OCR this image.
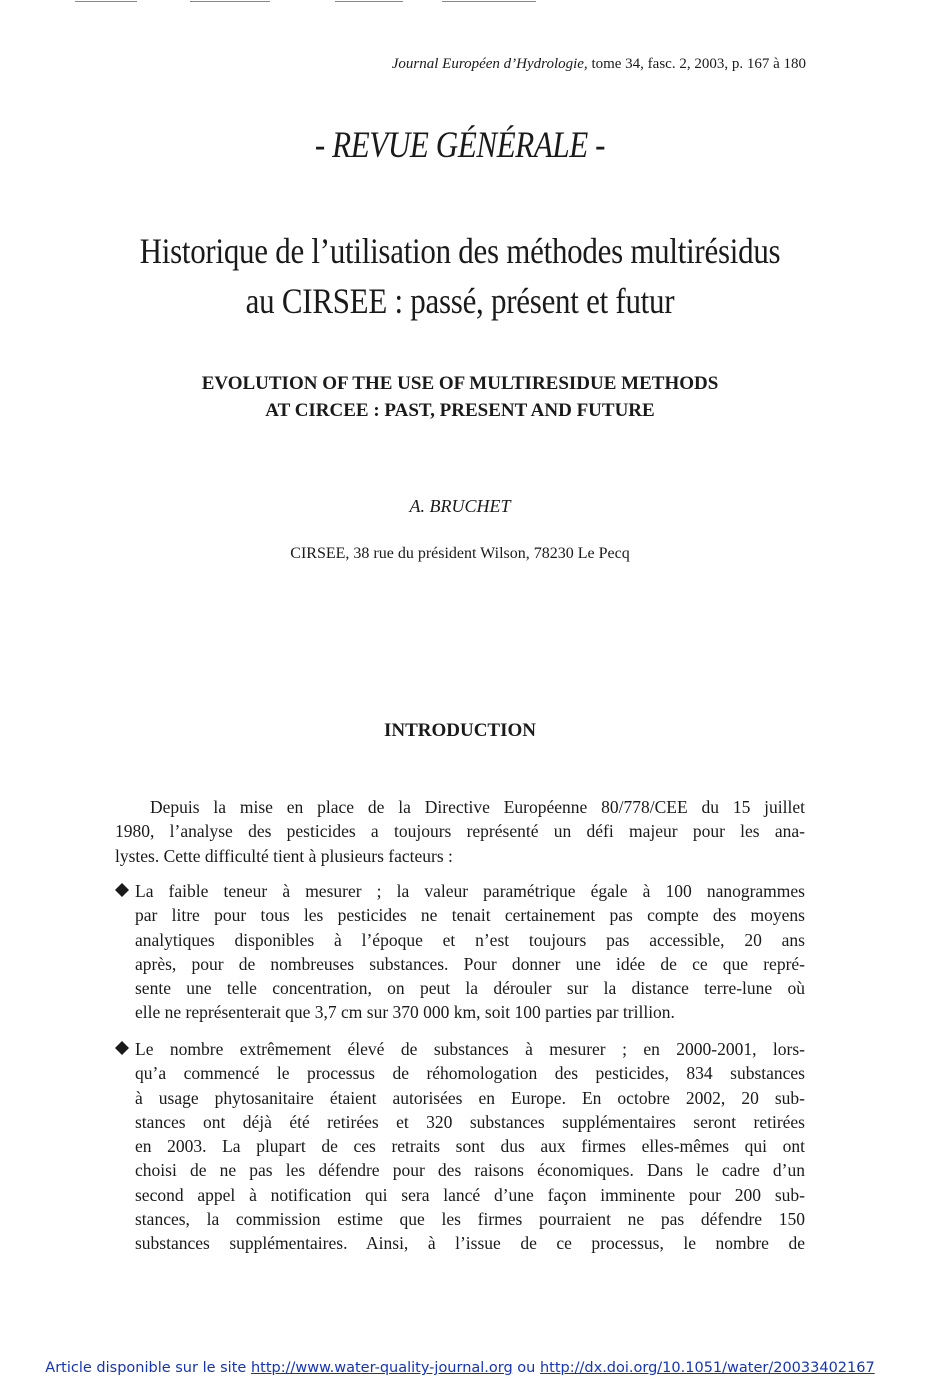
Journal Européen d’Hydrologie, tome 34, fasc. 2, 2003, p. 167 à 180
- REVUE GÉNÉRALE -
Historique de l’utilisation des méthodes multirésidus
au CIRSEE : passé, présent et futur
EVOLUTION OF THE USE OF MULTIRESIDUE METHODS
AT CIRCEE : PAST, PRESENT AND FUTURE
A. BRUCHET
CIRSEE, 38 rue du président Wilson, 78230 Le Pecq
INTRODUCTION
Depuis la mise en place de la Directive Européenne 80/778/CEE du 15 juillet
1980, l’analyse des pesticides a toujours représenté un défi majeur pour les ana-
lystes. Cette difficulté tient à plusieurs facteurs :
La faible teneur à mesurer ; la valeur paramétrique égale à 100 nanogrammes
par litre pour tous les pesticides ne tenait certainement pas compte des moyens
analytiques disponibles à l’époque et n’est toujours pas accessible, 20 ans
après, pour de nombreuses substances. Pour donner une idée de ce que repré-
sente une telle concentration, on peut la dérouler sur la distance terre-lune où
elle ne représenterait que 3,7 cm sur 370 000 km, soit 100 parties par trillion.
Le nombre extrêmement élevé de substances à mesurer ; en 2000-2001, lors-
qu’a commencé le processus de réhomologation des pesticides, 834 substances
à usage phytosanitaire étaient autorisées en Europe. En octobre 2002, 20 sub-
stances ont déjà été retirées et 320 substances supplémentaires seront retirées
en 2003. La plupart de ces retraits sont dus aux firmes elles-mêmes qui ont
choisi de ne pas les défendre pour des raisons économiques. Dans le cadre d’un
second appel à notification qui sera lancé d’une façon imminente pour 200 sub-
stances, la commission estime que les firmes pourraient ne pas défendre 150
substances supplémentaires. Ainsi, à l’issue de ce processus, le nombre de
Article disponible sur le site http://www.water-quality-journal.org ou http://dx.doi.org/10.1051/water/20033402167
